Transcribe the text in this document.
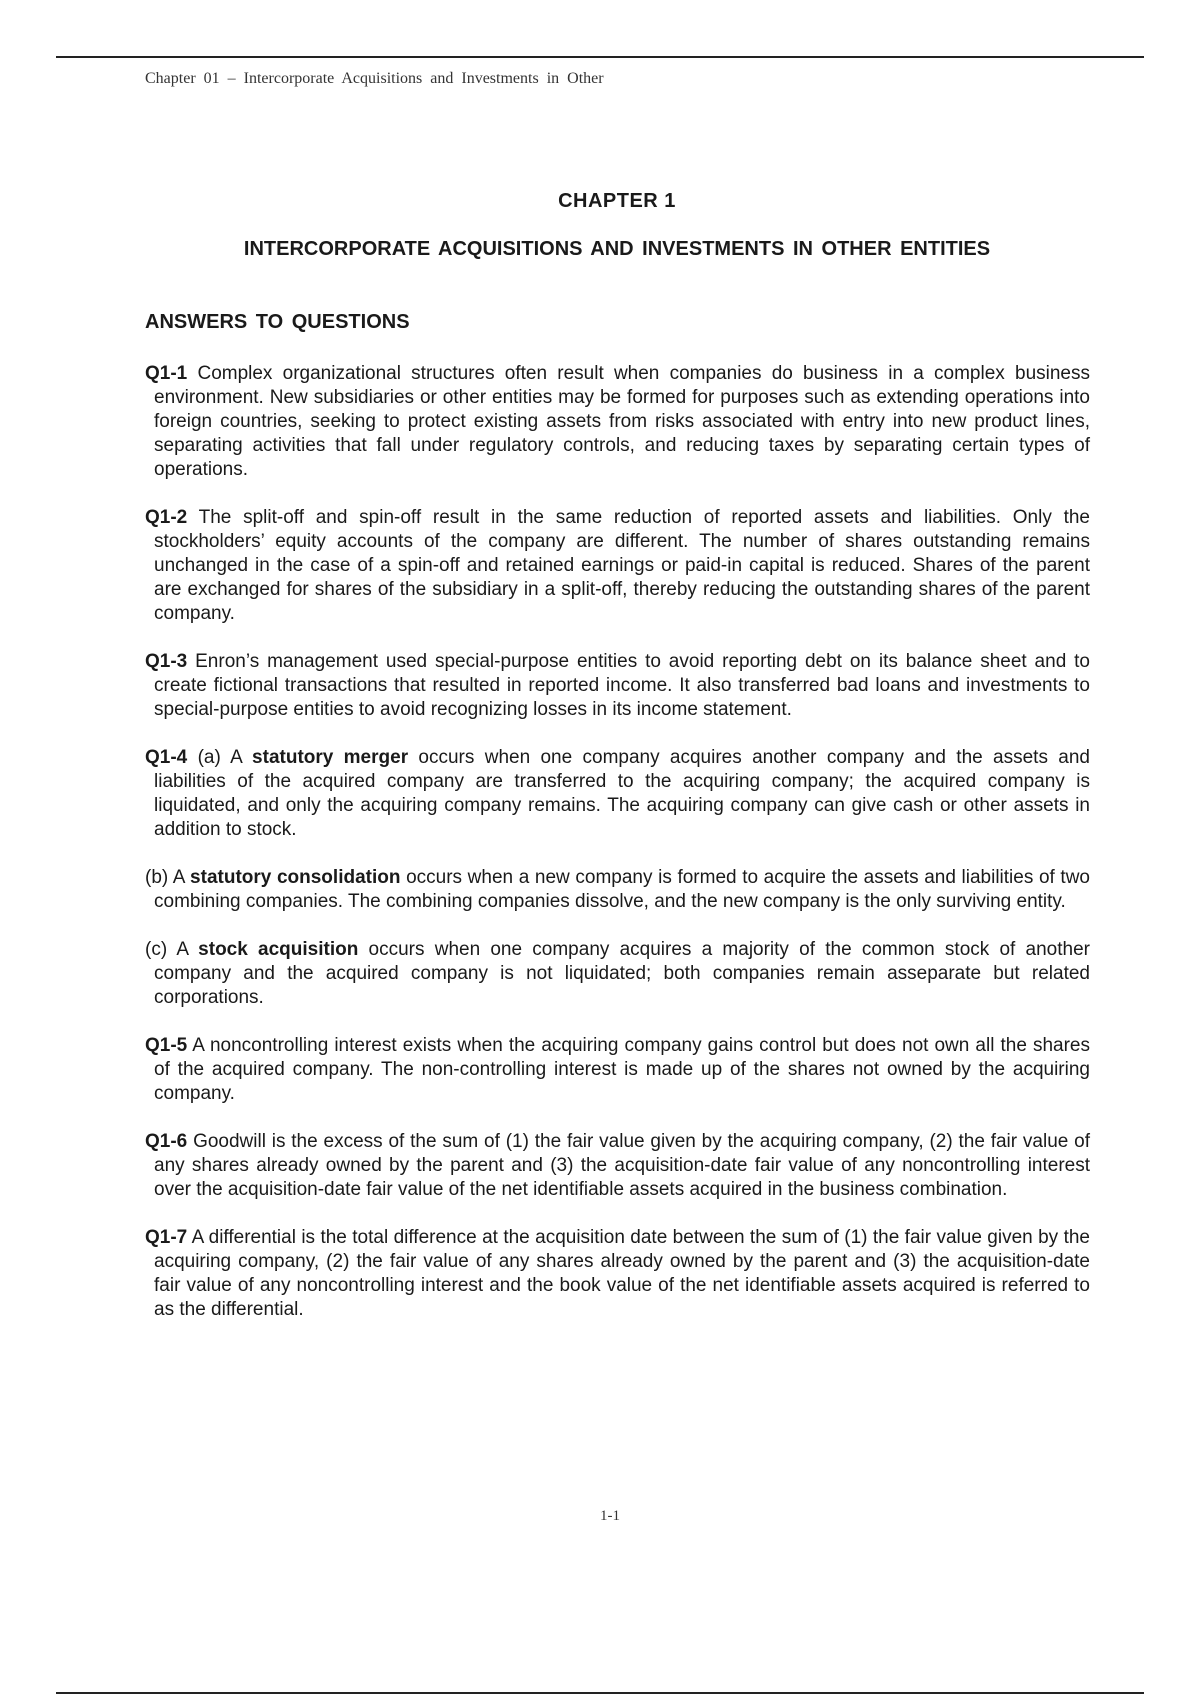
Chapter 01 – Intercorporate Acquisitions and Investments in Other
CHAPTER 1
INTERCORPORATE ACQUISITIONS AND INVESTMENTS IN OTHER ENTITIES
ANSWERS TO QUESTIONS

Q1-1 Complex organizational structures often result when companies do business in a complex business environment. New subsidiaries or other entities may be formed for purposes such as extending operations into foreign countries, seeking to protect existing assets from risks associated with entry into new product lines, separating activities that fall under regulatory controls, and reducing taxes by separating certain types of operations.

Q1-2 The split-off and spin-off result in the same reduction of reported assets and liabilities. Only the stockholders’ equity accounts of the company are different. The number of shares outstanding remains unchanged in the case of a spin-off and retained earnings or paid-in capital is reduced. Shares of the parent are exchanged for shares of the subsidiary in a split-off, thereby reducing the outstanding shares of the parent company.

Q1-3 Enron’s management used special-purpose entities to avoid reporting debt on its balance sheet and to create fictional transactions that resulted in reported income. It also transferred bad loans and investments to special-purpose entities to avoid recognizing losses in its income statement.

Q1-4 (a) A statutory merger occurs when one company acquires another company and the assets and liabilities of the acquired company are transferred to the acquiring company; the acquired company is liquidated, and only the acquiring company remains. The acquiring company can give cash or other assets in addition to stock.

(b) A statutory consolidation occurs when a new company is formed to acquire the assets and liabilities of two combining companies. The combining companies dissolve, and the new company is the only surviving entity.

(c) A stock acquisition occurs when one company acquires a majority of the common stock of another company and the acquired company is not liquidated; both companies remain asseparate but related corporations.

Q1-5 A noncontrolling interest exists when the acquiring company gains control but does not own all the shares of the acquired company. The non-controlling interest is made up of the shares not owned by the acquiring company.

Q1-6 Goodwill is the excess of the sum of (1) the fair value given by the acquiring company, (2) the fair value of any shares already owned by the parent and (3) the acquisition-date fair value of any noncontrolling interest over the acquisition-date fair value of the net identifiable assets acquired in the business combination.

Q1-7 A differential is the total difference at the acquisition date between the sum of (1) the fair value given by the acquiring company, (2) the fair value of any shares already owned by the parent and (3) the acquisition-date fair value of any noncontrolling interest and the book value of the net identifiable assets acquired is referred to as the differential.

1-1
